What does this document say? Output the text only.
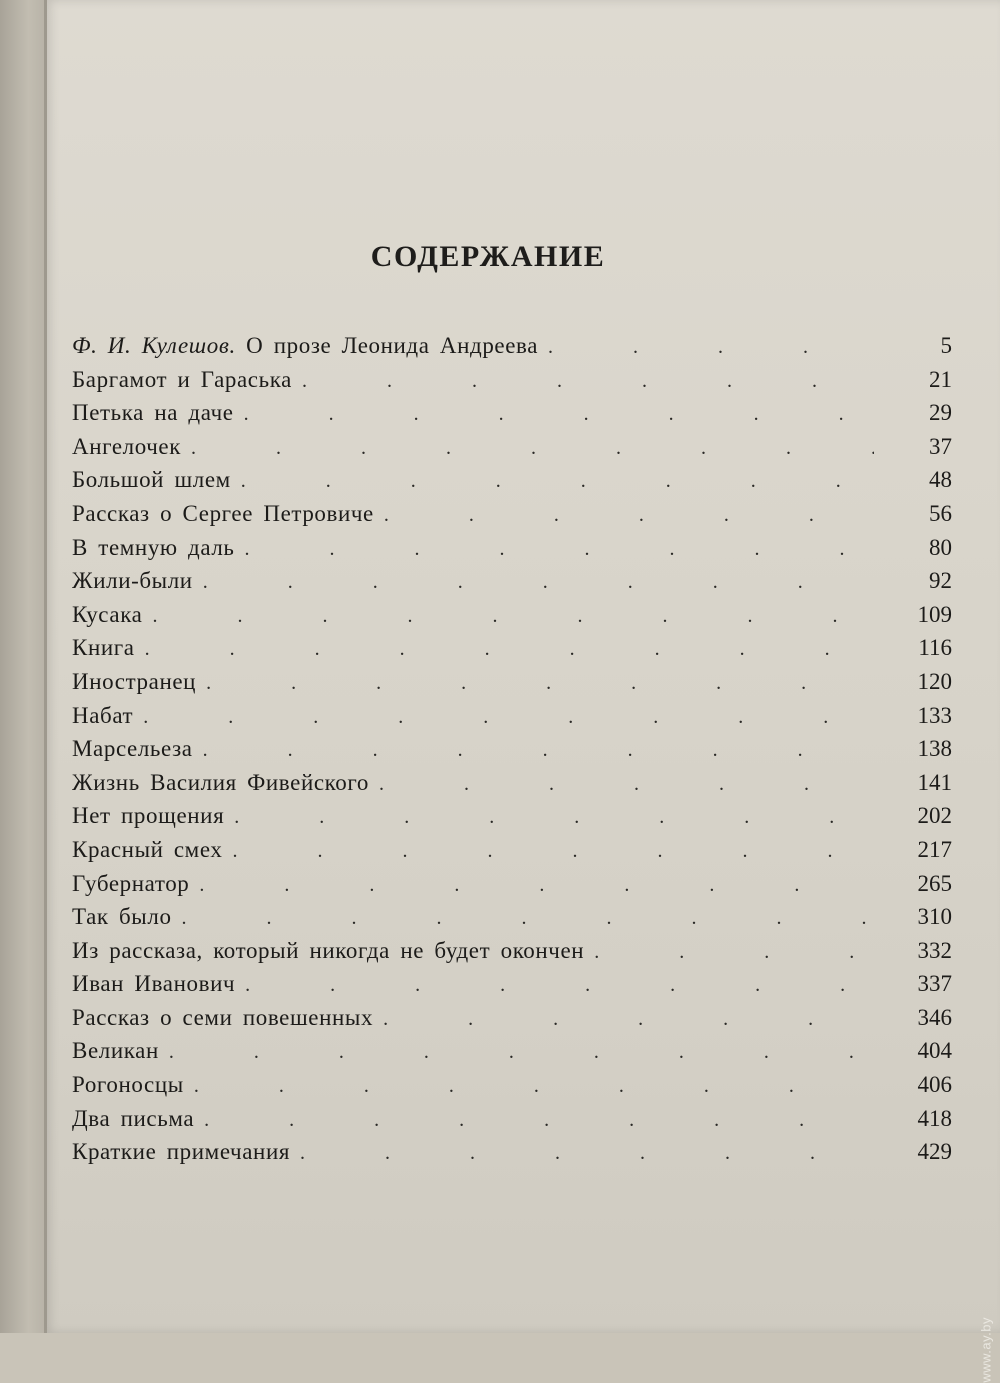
СОДЕРЖАНИЕ
Ф. И. Кулешов. О прозе Леонида Андреева .	5
Баргамот и Гараська .	21
Петька на даче .	29
Ангелочек .	37
Большой шлем .	48
Рассказ о Сергее Петровиче .	56
В темную даль .	80
Жили-были .	92
Кусака .	109
Книга .	116
Иностранец .	120
Набат .	133
Марсельеза .	138
Жизнь Василия Фивейского .	141
Нет прощения .	202
Красный смех .	217
Губернатор .	265
Так было .	310
Из рассказа, который никогда не будет окончен .	332
Иван Иванович .	337
Рассказ о семи повешенных .	346
Великан .	404
Рогоносцы .	406
Два письма .	418
Краткие примечания .	429
www.ay.by
